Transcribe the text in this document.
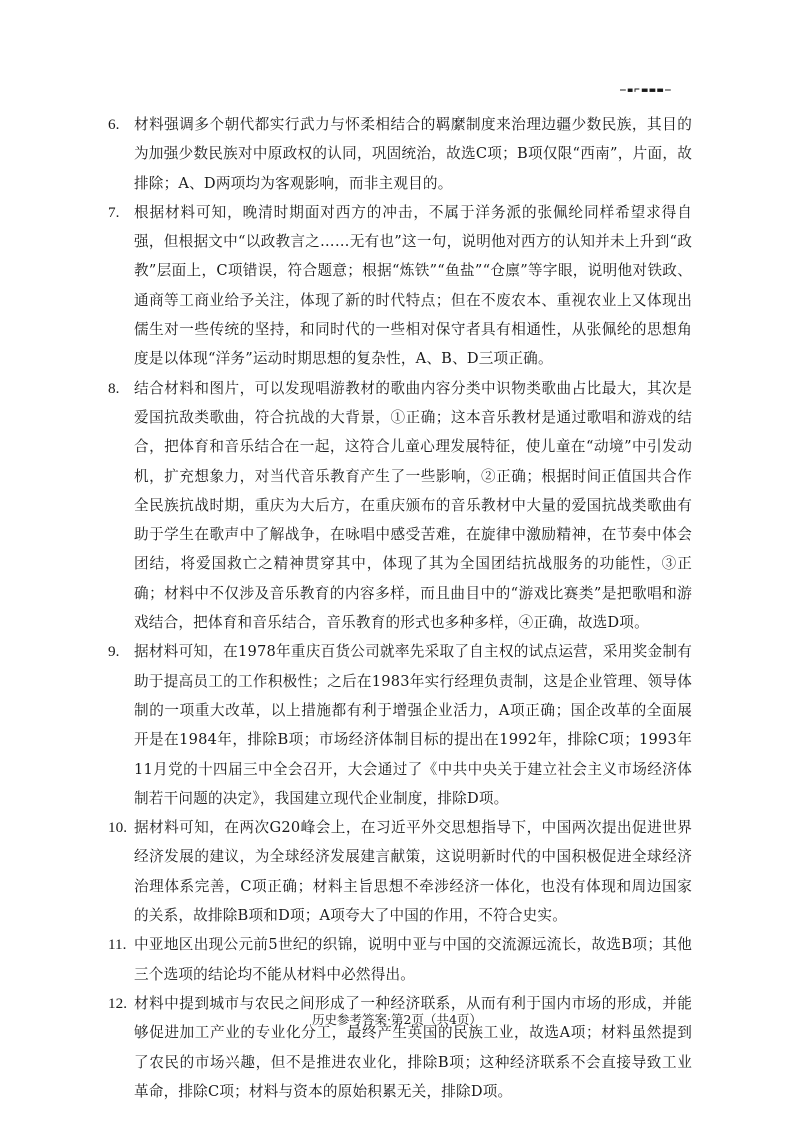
6.	材料强调多个朝代都实行武力与怀柔相结合的羁縻制度来治理边疆少数民族，其目的为加强少数民族对中原政权的认同，巩固统治，故选C项；B项仅限“西南”，片面，故排除；A、D两项均为客观影响，而非主观目的。

7.	根据材料可知，晚清时期面对西方的冲击，不属于洋务派的张佩纶同样希望求得自强，但根据文中“以政教言之……无有也”这一句，说明他对西方的认知并未上升到“政教”层面上，C项错误，符合题意；根据“炼铁”“鱼盐”“仓廪”等字眼，说明他对铁政、通商等工商业给予关注，体现了新的时代特点；但在不废农本、重视农业上又体现出儒生对一些传统的坚持，和同时代的一些相对保守者具有相通性，从张佩纶的思想角度是以体现“洋务”运动时期思想的复杂性，A、B、D三项正确。

8.	结合材料和图片，可以发现唱游教材的歌曲内容分类中识物类歌曲占比最大，其次是爱国抗敌类歌曲，符合抗战的大背景，①正确；这本音乐教材是通过歌唱和游戏的结合，把体育和音乐结合在一起，这符合儿童心理发展特征，使儿童在“动境”中引发动机，扩充想象力，对当代音乐教育产生了一些影响，②正确；根据时间正值国共合作全民族抗战时期，重庆为大后方，在重庆颁布的音乐教材中大量的爱国抗战类歌曲有助于学生在歌声中了解战争，在咏唱中感受苦难，在旋律中激励精神，在节奏中体会团结，将爱国救亡之精神贯穿其中，体现了其为全国团结抗战服务的功能性，③正确；材料中不仅涉及音乐教育的内容多样，而且曲目中的“游戏比赛类”是把歌唱和游戏结合，把体育和音乐结合，音乐教育的形式也多种多样，④正确，故选D项。

9.	据材料可知，在1978年重庆百货公司就率先采取了自主权的试点运营，采用奖金制有助于提高员工的工作积极性；之后在1983年实行经理负责制，这是企业管理、领导体制的一项重大改革，以上措施都有利于增强企业活力，A项正确；国企改革的全面展开是在1984年，排除B项；市场经济体制目标的提出在1992年，排除C项；1993年11月党的十四届三中全会召开，大会通过了《中共中央关于建立社会主义市场经济体制若干问题的决定》，我国建立现代企业制度，排除D项。

10. 据材料可知，在两次G20峰会上，在习近平外交思想指导下，中国两次提出促进世界经济发展的建议，为全球经济发展建言献策，这说明新时代的中国积极促进全球经济治理体系完善，C项正确；材料主旨思想不牵涉经济一体化，也没有体现和周边国家的关系，故排除B项和D项；A项夸大了中国的作用，不符合史实。

11. 中亚地区出现公元前5世纪的织锦，说明中亚与中国的交流源远流长，故选B项；其他三个选项的结论均不能从材料中必然得出。

12. 材料中提到城市与农民之间形成了一种经济联系，从而有利于国内市场的形成，并能够促进加工产业的专业化分工，最终产生英国的民族工业，故选A项；材料虽然提到了农民的市场兴趣，但不是推进农业化，排除B项；这种经济联系不会直接导致工业革命，排除C项；材料与资本的原始积累无关，排除D项。

历史参考答案·第2页（共4页）
